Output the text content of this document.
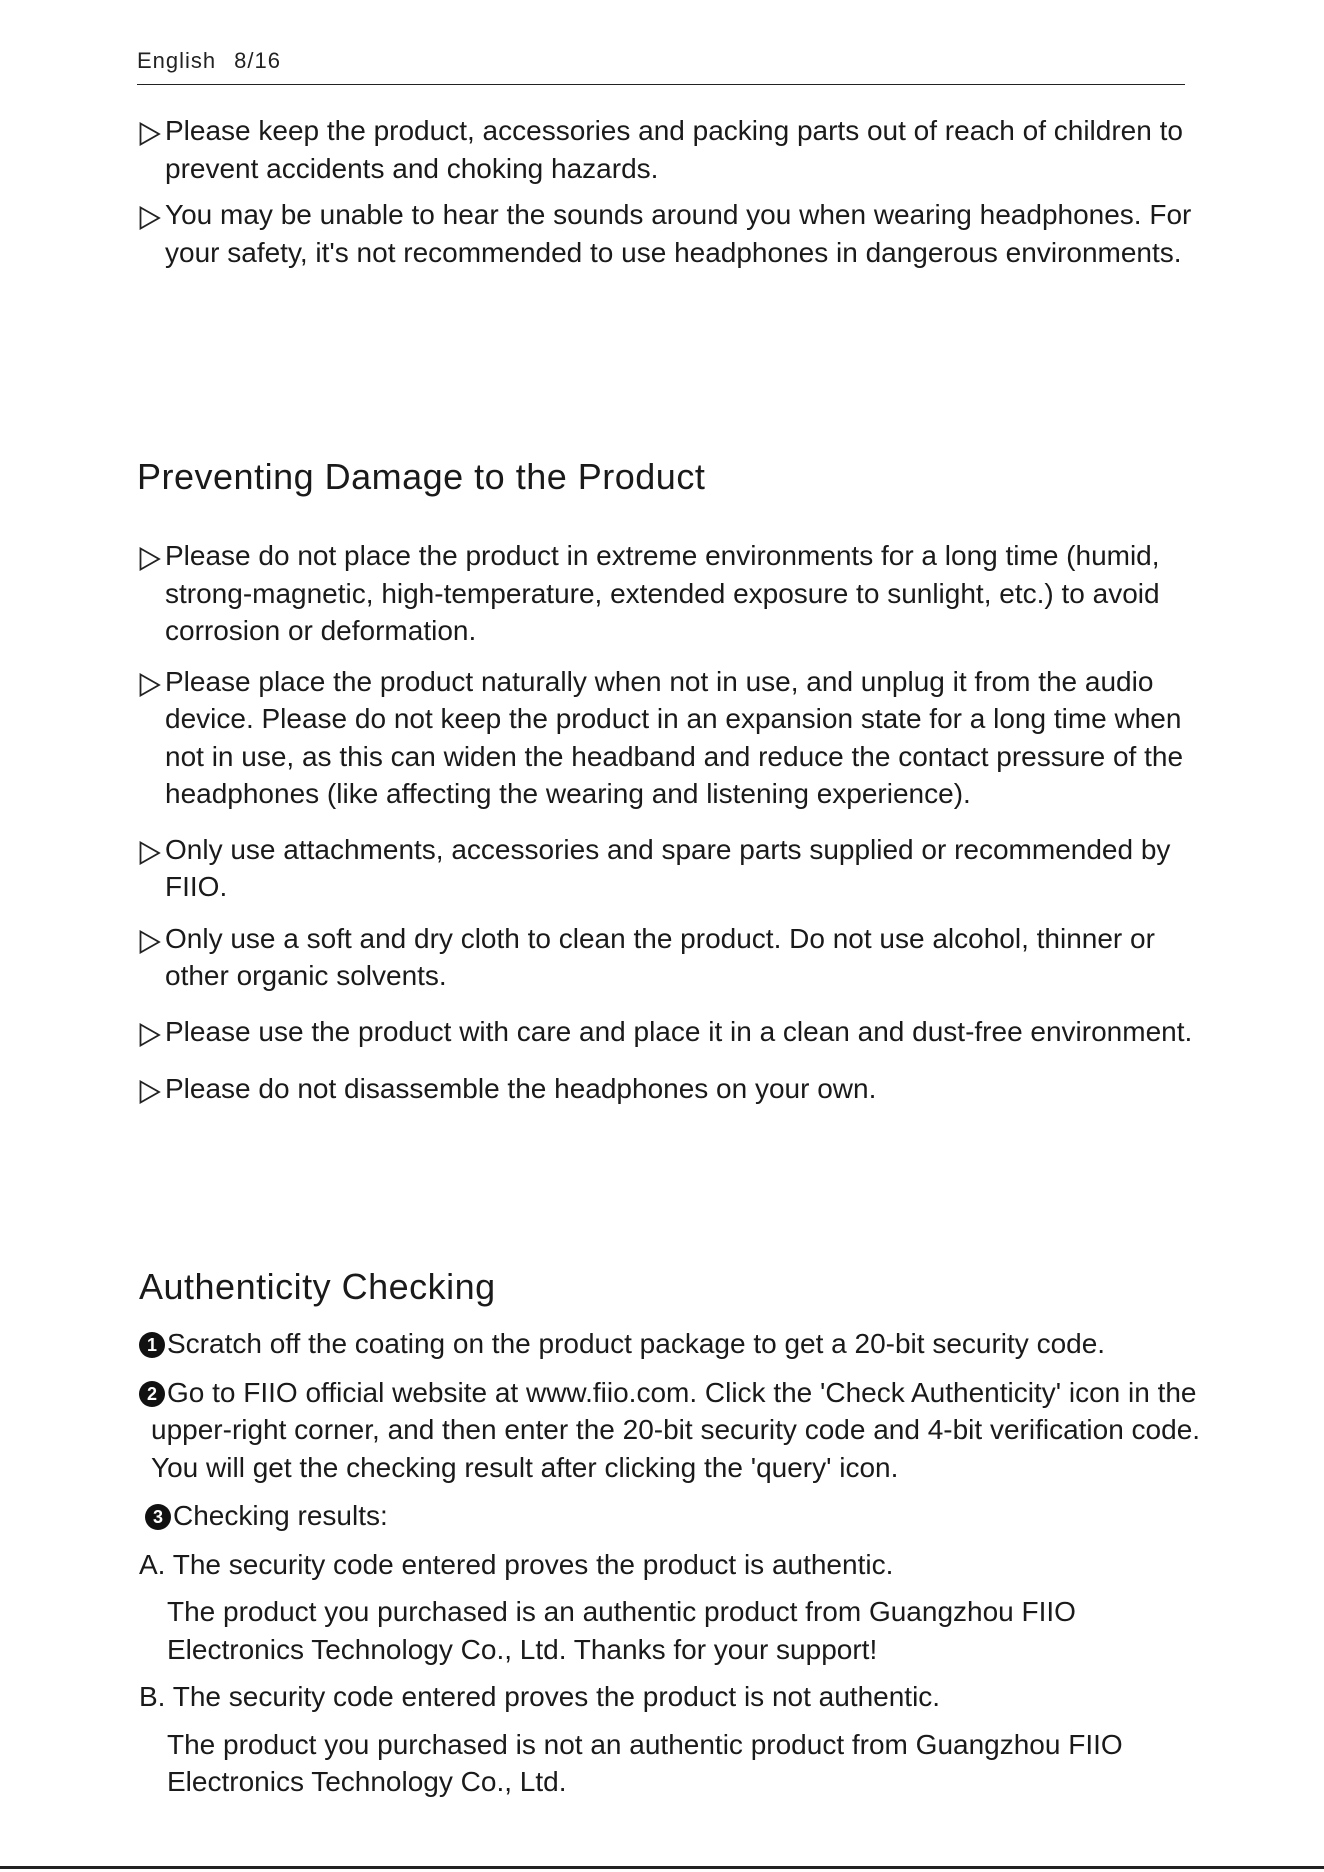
English 8/16
Please keep the product, accessories and packing parts out of reach of children to prevent accidents and choking hazards.
You may be unable to hear the sounds around you when wearing headphones. For your safety, it's not recommended to use headphones in dangerous environments.
Preventing Damage to the Product
Please do not place the product in extreme environments for a long time (humid, strong-magnetic, high-temperature, extended exposure to sunlight, etc.) to avoid corrosion or deformation.
Please place the product naturally when not in use, and unplug it from the audio device. Please do not keep the product in an expansion state for a long time when not in use, as this can widen the headband and reduce the contact pressure of the headphones (like affecting the wearing and listening experience).
Only use attachments, accessories and spare parts supplied or recommended by FIIO.
Only use a soft and dry cloth to clean the product. Do not use alcohol, thinner or other organic solvents.
Please use the product with care and place it in a clean and dust-free environment.
Please do not disassemble the headphones on your own.
Authenticity Checking
1 Scratch off the coating on the product package to get a 20-bit security code.
2 Go to FIIO official website at www.fiio.com. Click the 'Check Authenticity' icon in the upper-right corner, and then enter the 20-bit security code and 4-bit verification code. You will get the checking result after clicking the 'query' icon.
3 Checking results:
A. The security code entered proves the product is authentic.
The product you purchased is an authentic product from Guangzhou FIIO Electronics Technology Co., Ltd. Thanks for your support!
B. The security code entered proves the product is not authentic.
The product you purchased is not an authentic product from Guangzhou FIIO Electronics Technology Co., Ltd.
